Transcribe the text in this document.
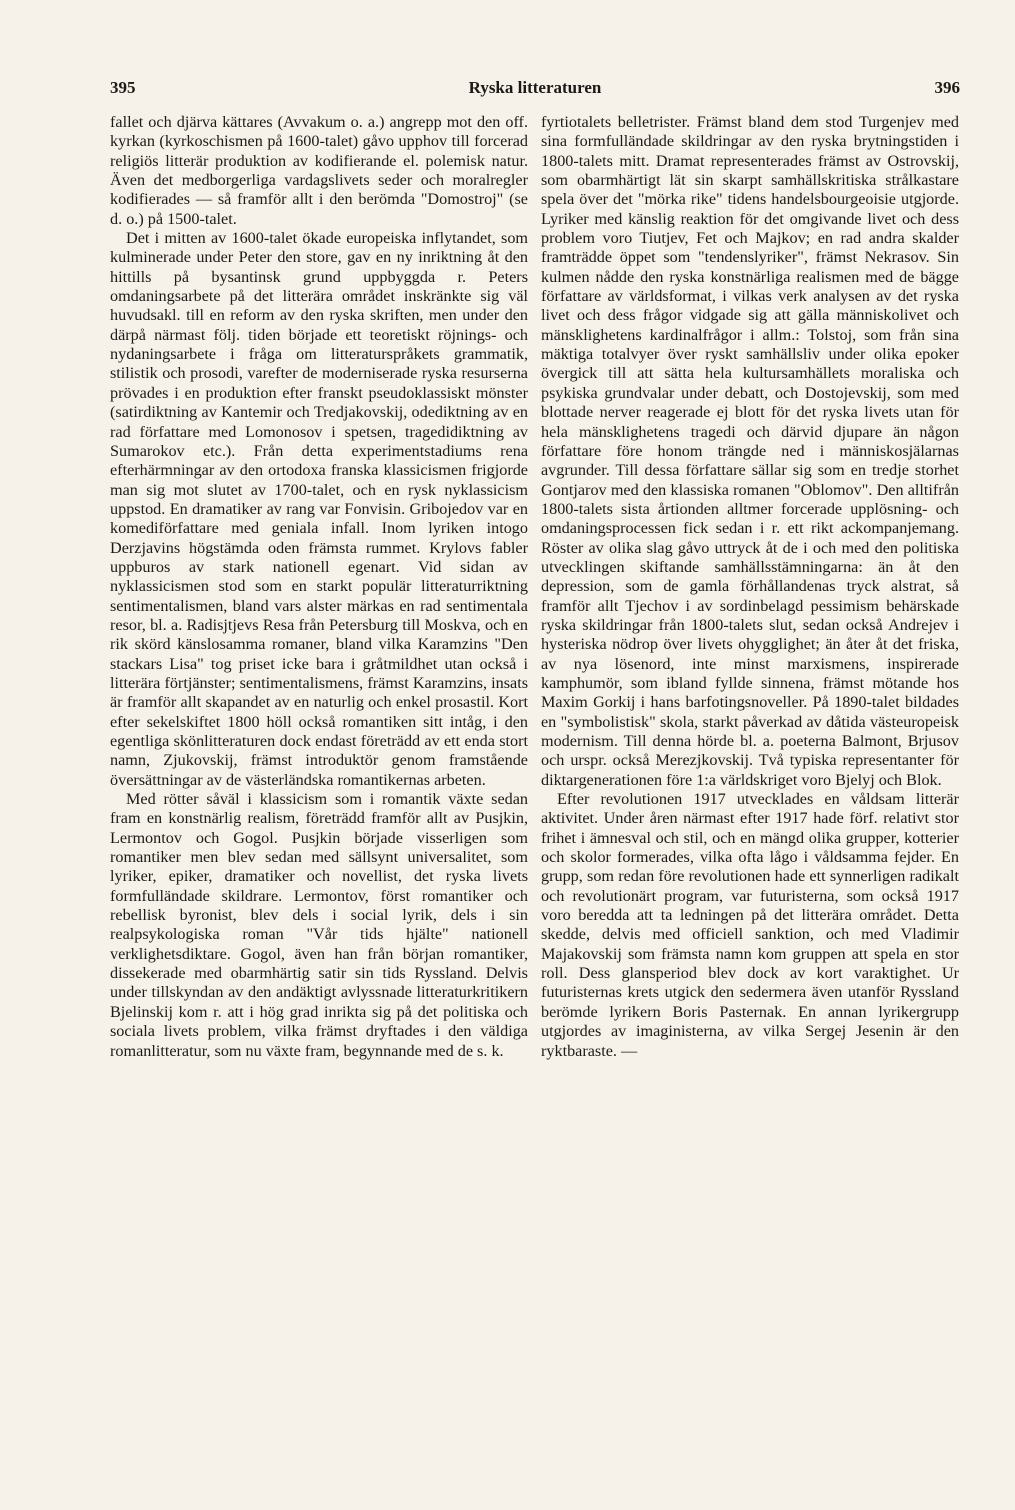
395	Ryska litteraturen	396

fallet och djärva kättares (Avvakum o. a.) angrepp mot den off. kyrkan (kyrkoschismen på 1600-talet) gåvo upphov till forcerad religiös litterär produktion av kodifierande el. polemisk natur. Även det medborgerliga vardagslivets seder och moralregler kodifierades — så framför allt i den berömda "Domostroj" (se d. o.) på 1500-talet.

Det i mitten av 1600-talet ökade europeiska inflytandet, som kulminerade under Peter den store, gav en ny inriktning åt den hittills på bysantinsk grund uppbyggda r. Peters omdaningsarbete på det litterära området inskränkte sig väl huvudsakl. till en reform av den ryska skriften, men under den därpå närmast följ. tiden började ett teoretiskt röjnings- och nydaningsarbete i fråga om litteraturspråkets grammatik, stilistik och prosodi, varefter de moderniserade ryska resurserna prövades i en produktion efter franskt pseudoklassiskt mönster (satirdiktning av Kantemir och Tredjakovskij, odediktning av en rad författare med Lomonosov i spetsen, tragedidiktning av Sumarokov etc.). Från detta experimentstadiums rena efterhärmningar av den ortodoxa franska klassicismen frigjorde man sig mot slutet av 1700-talet, och en rysk nyklassicism uppstod. En dramatiker av rang var Fonvisin. Gribojedov var en komediförfattare med geniala infall. Inom lyriken intogo Derzjavins högstämda oden främsta rummet. Krylovs fabler uppburos av stark nationell egenart. Vid sidan av nyklassicismen stod som en starkt populär litteraturriktning sentimentalismen, bland vars alster märkas en rad sentimentala resor, bl. a. Radisjtjevs Resa från Petersburg till Moskva, och en rik skörd känslosamma romaner, bland vilka Karamzins "Den stackars Lisa" tog priset icke bara i gråtmildhet utan också i litterära förtjänster; sentimentalismens, främst Karamzins, insats är framför allt skapandet av en naturlig och enkel prosastil. Kort efter sekelskiftet 1800 höll också romantiken sitt intåg, i den egentliga skönlitteraturen dock endast företrädd av ett enda stort namn, Zjukovskij, främst introduktör genom framstående översättningar av de västerländska romantikernas arbeten.

Med rötter såväl i klassicism som i romantik växte sedan fram en konstnärlig realism, företrädd framför allt av Pusjkin, Lermontov och Gogol. Pusjkin började visserligen som romantiker men blev sedan med sällsynt universalitet, som lyriker, epiker, dramatiker och novellist, det ryska livets formfulländade skildrare. Lermontov, först romantiker och rebellisk byronist, blev dels i social lyrik, dels i sin realpsykologiska roman "Vår tids hjälte" nationell verklighetsdiktare. Gogol, även han från början romantiker, dissekerade med obarmhärtig satir sin tids Ryssland. Delvis under tillskyndan av den andäktigt avlyssnade litteraturkritikern Bjelinskij kom r. att i hög grad inrikta sig på det politiska och sociala livets problem, vilka främst dryftades i den väldiga romanlitteratur, som nu växte fram, begynnande med de s. k.

fyrtiotalets belletrister. Främst bland dem stod Turgenjev med sina formfulländade skildringar av den ryska brytningstiden i 1800-talets mitt. Dramat representerades främst av Ostrovskij, som obarmhärtigt lät sin skarpt samhällskritiska strålkastare spela över det "mörka rike" tidens handelsbourgeoisie utgjorde. Lyriker med känslig reaktion för det omgivande livet och dess problem voro Tiutjev, Fet och Majkov; en rad andra skalder framträdde öppet som "tendenslyriker", främst Nekrasov. Sin kulmen nådde den ryska konstnärliga realismen med de bägge författare av världsformat, i vilkas verk analysen av det ryska livet och dess frågor vidgade sig att gälla människolivet och mänsklighetens kardinalfrågor i allm.: Tolstoj, som från sina mäktiga totalvyer över ryskt samhällsliv under olika epoker övergick till att sätta hela kultursamhällets moraliska och psykiska grundvalar under debatt, och Dostojevskij, som med blottade nerver reagerade ej blott för det ryska livets utan för hela mänsklighetens tragedi och därvid djupare än någon författare före honom trängde ned i människosjälarnas avgrunder. Till dessa författare sällar sig som en tredje storhet Gontjarov med den klassiska romanen "Oblomov". Den alltifrån 1800-talets sista årtionden alltmer forcerade upplösning- och omdaningsprocessen fick sedan i r. ett rikt ackompanjemang. Röster av olika slag gåvo uttryck åt de i och med den politiska utvecklingen skiftande samhällsstämningarna: än åt den depression, som de gamla förhållandenas tryck alstrat, så framför allt Tjechov i av sordinbelagd pessimism behärskade ryska skildringar från 1800-talets slut, sedan också Andrejev i hysteriska nödrop över livets ohygglighet; än åter åt det friska, av nya lösenord, inte minst marxismens, inspirerade kamphumör, som ibland fyllde sinnena, främst mötande hos Maxim Gorkij i hans barfotingsnoveller. På 1890-talet bildades en "symbolistisk" skola, starkt påverkad av dåtida västeuropeisk modernism. Till denna hörde bl. a. poeterna Balmont, Brjusov och urspr. också Merezjkovskij. Två typiska representanter för diktargenerationen före 1:a världskriget voro Bjelyj och Blok.

Efter revolutionen 1917 utvecklades en våldsam litterär aktivitet. Under åren närmast efter 1917 hade förf. relativt stor frihet i ämnesval och stil, och en mängd olika grupper, kotterier och skolor formerades, vilka ofta lågo i våldsamma fejder. En grupp, som redan före revolutionen hade ett synnerligen radikalt och revolutionärt program, var futuristerna, som också 1917 voro beredda att ta ledningen på det litterära området. Detta skedde, delvis med officiell sanktion, och med Vladimir Majakovskij som främsta namn kom gruppen att spela en stor roll. Dess glansperiod blev dock av kort varaktighet. Ur futuristernas krets utgick den sedermera även utanför Ryssland berömde lyrikern Boris Pasternak. En annan lyrikergrupp utgjordes av imaginisterna, av vilka Sergej Jesenin är den ryktbaraste. —
